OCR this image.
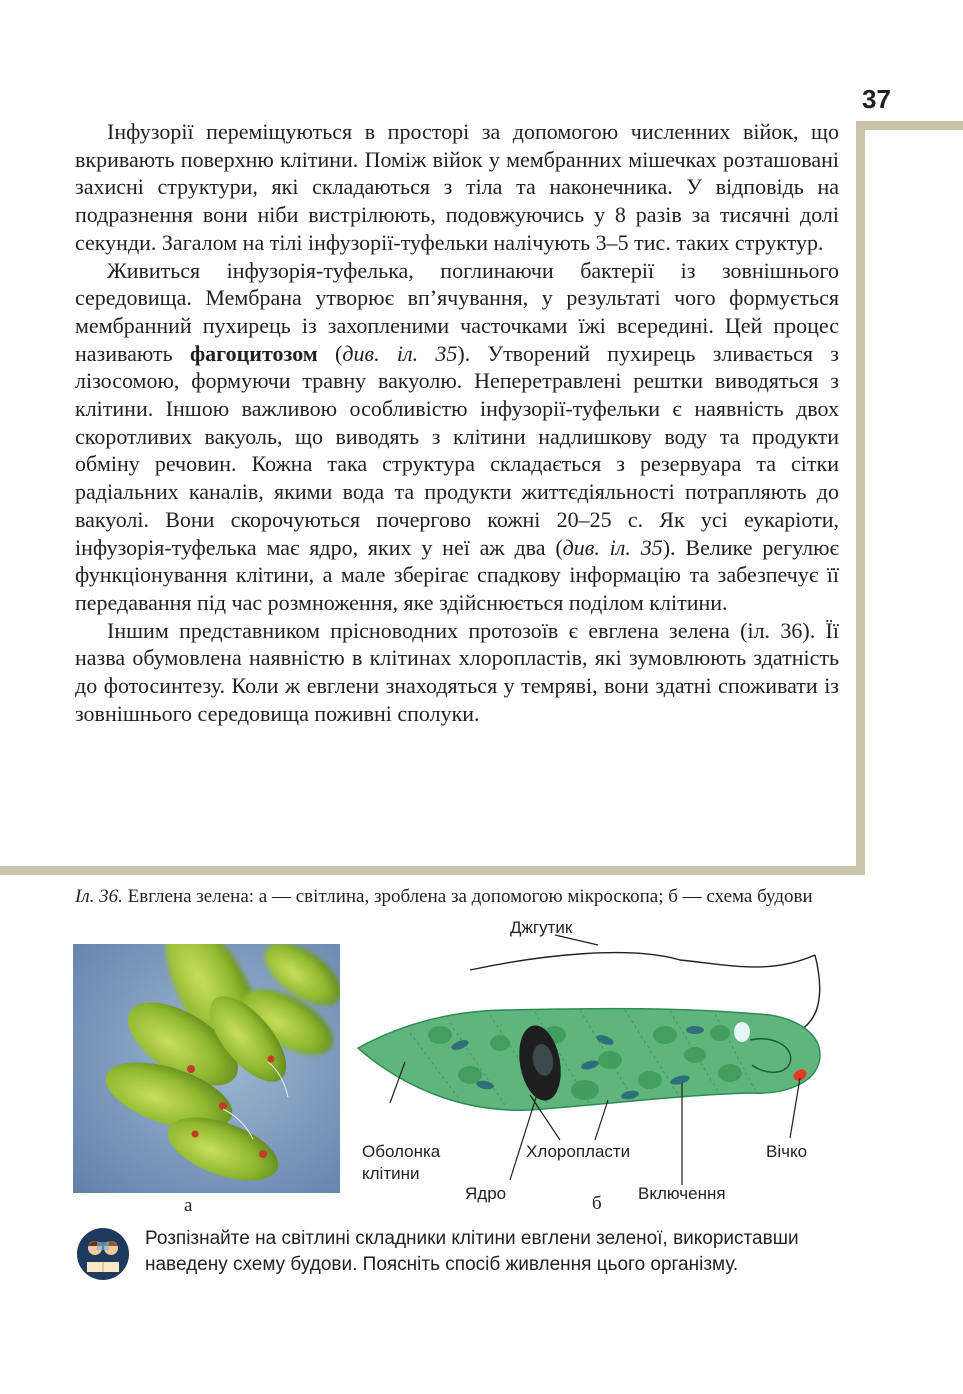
37

Інфузорії переміщуються в просторі за допомогою численних війок, що вкривають поверхню клітини. Поміж війок у мембранних мішечках розташовані захисні структури, які складаються з тіла та наконечника. У відповідь на подразнення вони ніби вистрілюють, подовжуючись у 8 разів за тисячні долі секунди. Загалом на тілі інфузорії-туфельки налічують 3–5 тис. таких структур.

Живиться інфузорія-туфелька, поглинаючи бактерії із зовнішнього середовища. Мембрана утворює вп’ячування, у результаті чого формується мембранний пухирець із захопленими часточками їжі всередині. Цей процес називають фагоцитозом (див. іл. 35). Утворений пухирець зливається з лізосомою, формуючи травну вакуолю. Неперетравлені рештки виводяться з клітини. Іншою важливою особливістю інфузорії-туфельки є наявність двох скоротливих вакуоль, що виводять з клітини надлишкову воду та продукти обміну речовин. Кожна така структура складається з резервуара та сітки радіальних каналів, якими вода та продукти життєдіяльності потрапляють до вакуолі. Вони скорочуються почергово кожні 20–25 с. Як усі еукаріоти, інфузорія-туфелька має ядро, яких у неї аж два (див. іл. 35). Велике регулює функціонування клітини, а мале зберігає спадкову інформацію та забезпечує її передавання під час розмноження, яке здійснюється поділом клітини.

Іншим представником прісноводних протозоїв є евглена зелена (іл. 36). Її назва обумовлена наявністю в клітинах хлоропластів, які зумовлюють здатність до фотосинтезу. Коли ж евглени знаходяться у темряві, вони здатні споживати із зовнішнього середовища поживні сполуки.

Іл. 36. Евглена зелена: а — світлина, зроблена за допомогою мікроскопа; б — схема будови
а
Джгутик
Оболонка клітини
Ядро
Хлоропласти
Включення
Вічко
б
Розпізнайте на світлині складники клітини евглени зеленої, використавши наведену схему будови. Поясніть спосіб живлення цього організму.
